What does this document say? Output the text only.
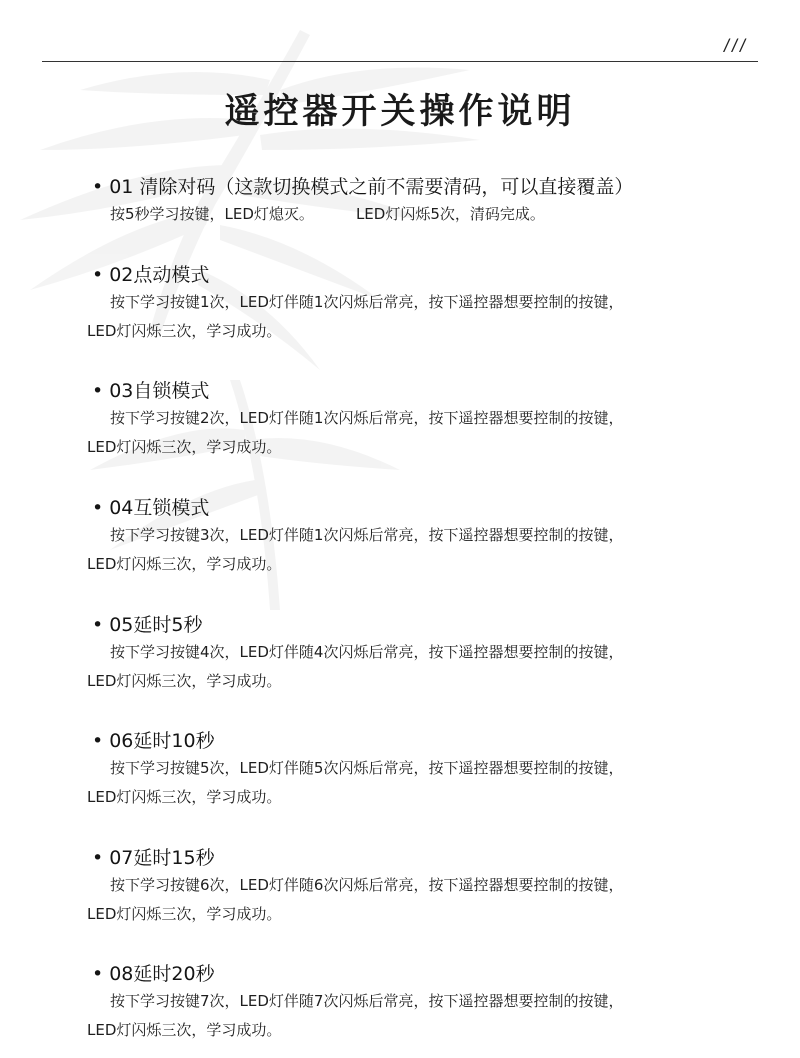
///
遥控器开关操作说明
• 01 清除对码（这款切换模式之前不需要清码，可以直接覆盖）
按5秒学习按键，LED灯熄灭。	LED灯闪烁5次，清码完成。
• 02点动模式
按下学习按键1次，LED灯伴随1次闪烁后常亮，按下遥控器想要控制的按键，
LED灯闪烁三次，学习成功。
• 03自锁模式
按下学习按键2次，LED灯伴随1次闪烁后常亮，按下遥控器想要控制的按键，
LED灯闪烁三次，学习成功。
• 04互锁模式
按下学习按键3次，LED灯伴随1次闪烁后常亮，按下遥控器想要控制的按键，
LED灯闪烁三次，学习成功。
• 05延时5秒
按下学习按键4次，LED灯伴随4次闪烁后常亮，按下遥控器想要控制的按键，
LED灯闪烁三次，学习成功。
• 06延时10秒
按下学习按键5次，LED灯伴随5次闪烁后常亮，按下遥控器想要控制的按键，
LED灯闪烁三次，学习成功。
• 07延时15秒
按下学习按键6次，LED灯伴随6次闪烁后常亮，按下遥控器想要控制的按键，
LED灯闪烁三次，学习成功。
• 08延时20秒
按下学习按键7次，LED灯伴随7次闪烁后常亮，按下遥控器想要控制的按键，
LED灯闪烁三次，学习成功。
